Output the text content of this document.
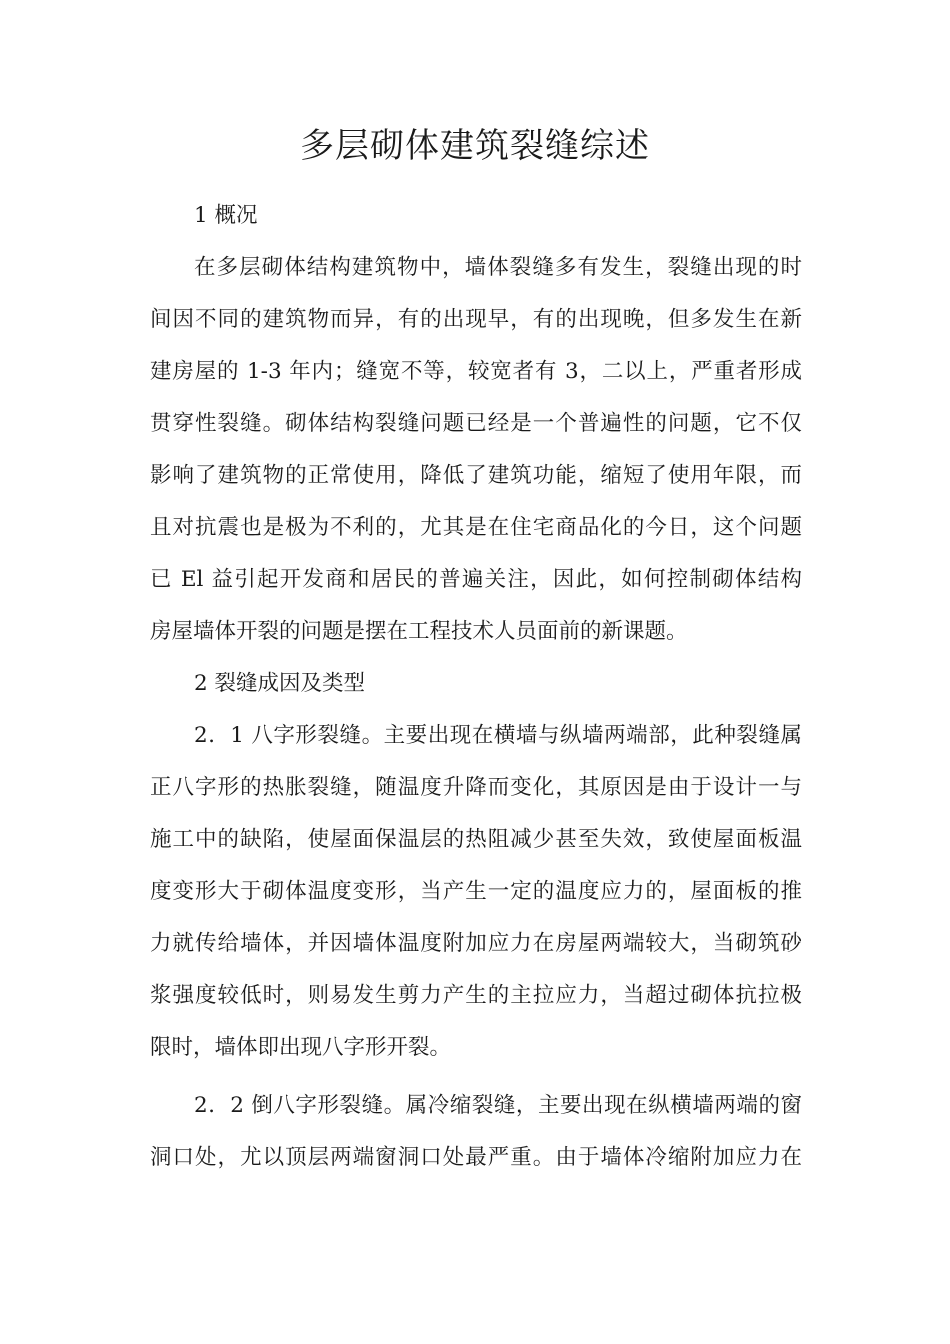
多层砌体建筑裂缝综述
1 概况
在多层砌体结构建筑物中，墙体裂缝多有发生，裂缝出现的时
间因不同的建筑物而异，有的出现早，有的出现晚，但多发生在新
建房屋的 1-3 年内；缝宽不等，较宽者有 3，二以上，严重者形成
贯穿性裂缝。砌体结构裂缝问题已经是一个普遍性的问题，它不仅
影响了建筑物的正常使用，降低了建筑功能，缩短了使用年限，而
且对抗震也是极为不利的，尤其是在住宅商品化的今日，这个问题
已 El 益引起开发商和居民的普遍关注，因此，如何控制砌体结构
房屋墙体开裂的问题是摆在工程技术人员面前的新课题。
2 裂缝成因及类型
2．1 八字形裂缝。主要出现在横墙与纵墙两端部，此种裂缝属
正八字形的热胀裂缝，随温度升降而变化，其原因是由于设计一与
施工中的缺陷，使屋面保温层的热阻减少甚至失效，致使屋面板温
度变形大于砌体温度变形，当产生一定的温度应力的，屋面板的推
力就传给墙体，并因墙体温度附加应力在房屋两端较大，当砌筑砂
浆强度较低时，则易发生剪力产生的主拉应力，当超过砌体抗拉极
限时，墙体即出现八字形开裂。
2．2 倒八字形裂缝。属冷缩裂缝，主要出现在纵横墙两端的窗
洞口处，尤以顶层两端窗洞口处最严重。由于墙体冷缩附加应力在
